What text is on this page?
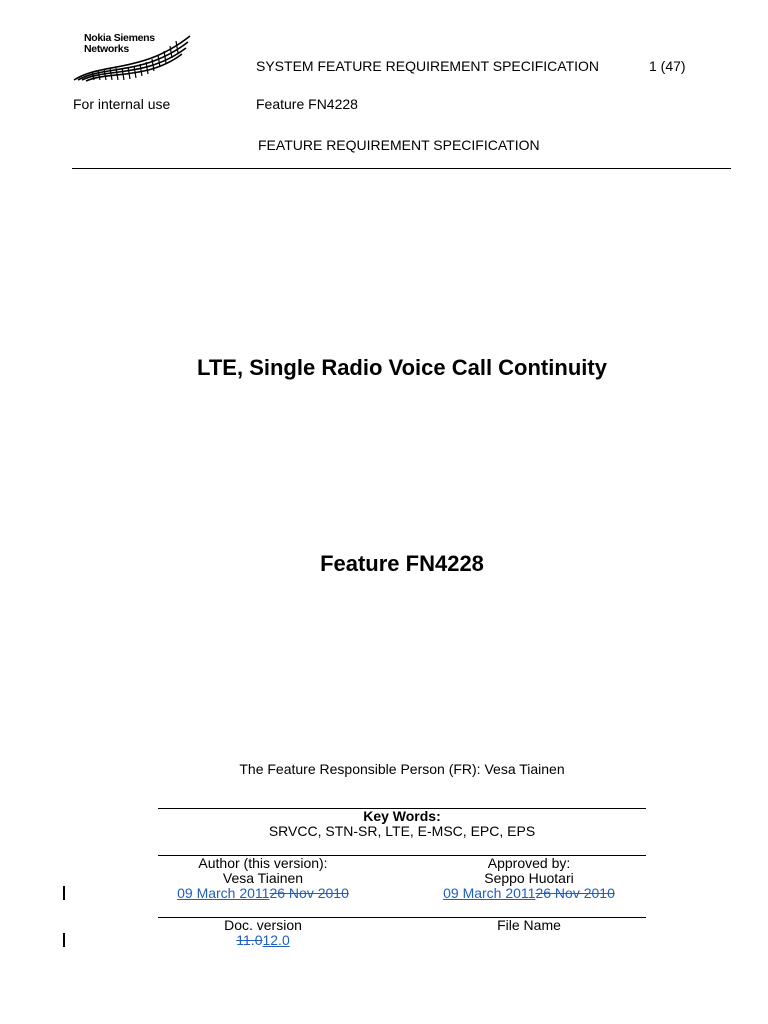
Nokia Siemens
Networks
SYSTEM FEATURE REQUIREMENT SPECIFICATION	1 (47)
For internal use	Feature FN4228
FEATURE REQUIREMENT SPECIFICATION
LTE, Single Radio Voice Call Continuity
Feature FN4228
The Feature Responsible Person (FR): Vesa Tiainen
Key Words:
SRVCC, STN-SR, LTE, E-MSC, EPC, EPS
Author (this version):
Vesa Tiainen
09 March 201126 Nov 2010
Approved by:
Seppo Huotari
09 March 201126 Nov 2010
Doc. version
11.012.0
File Name
